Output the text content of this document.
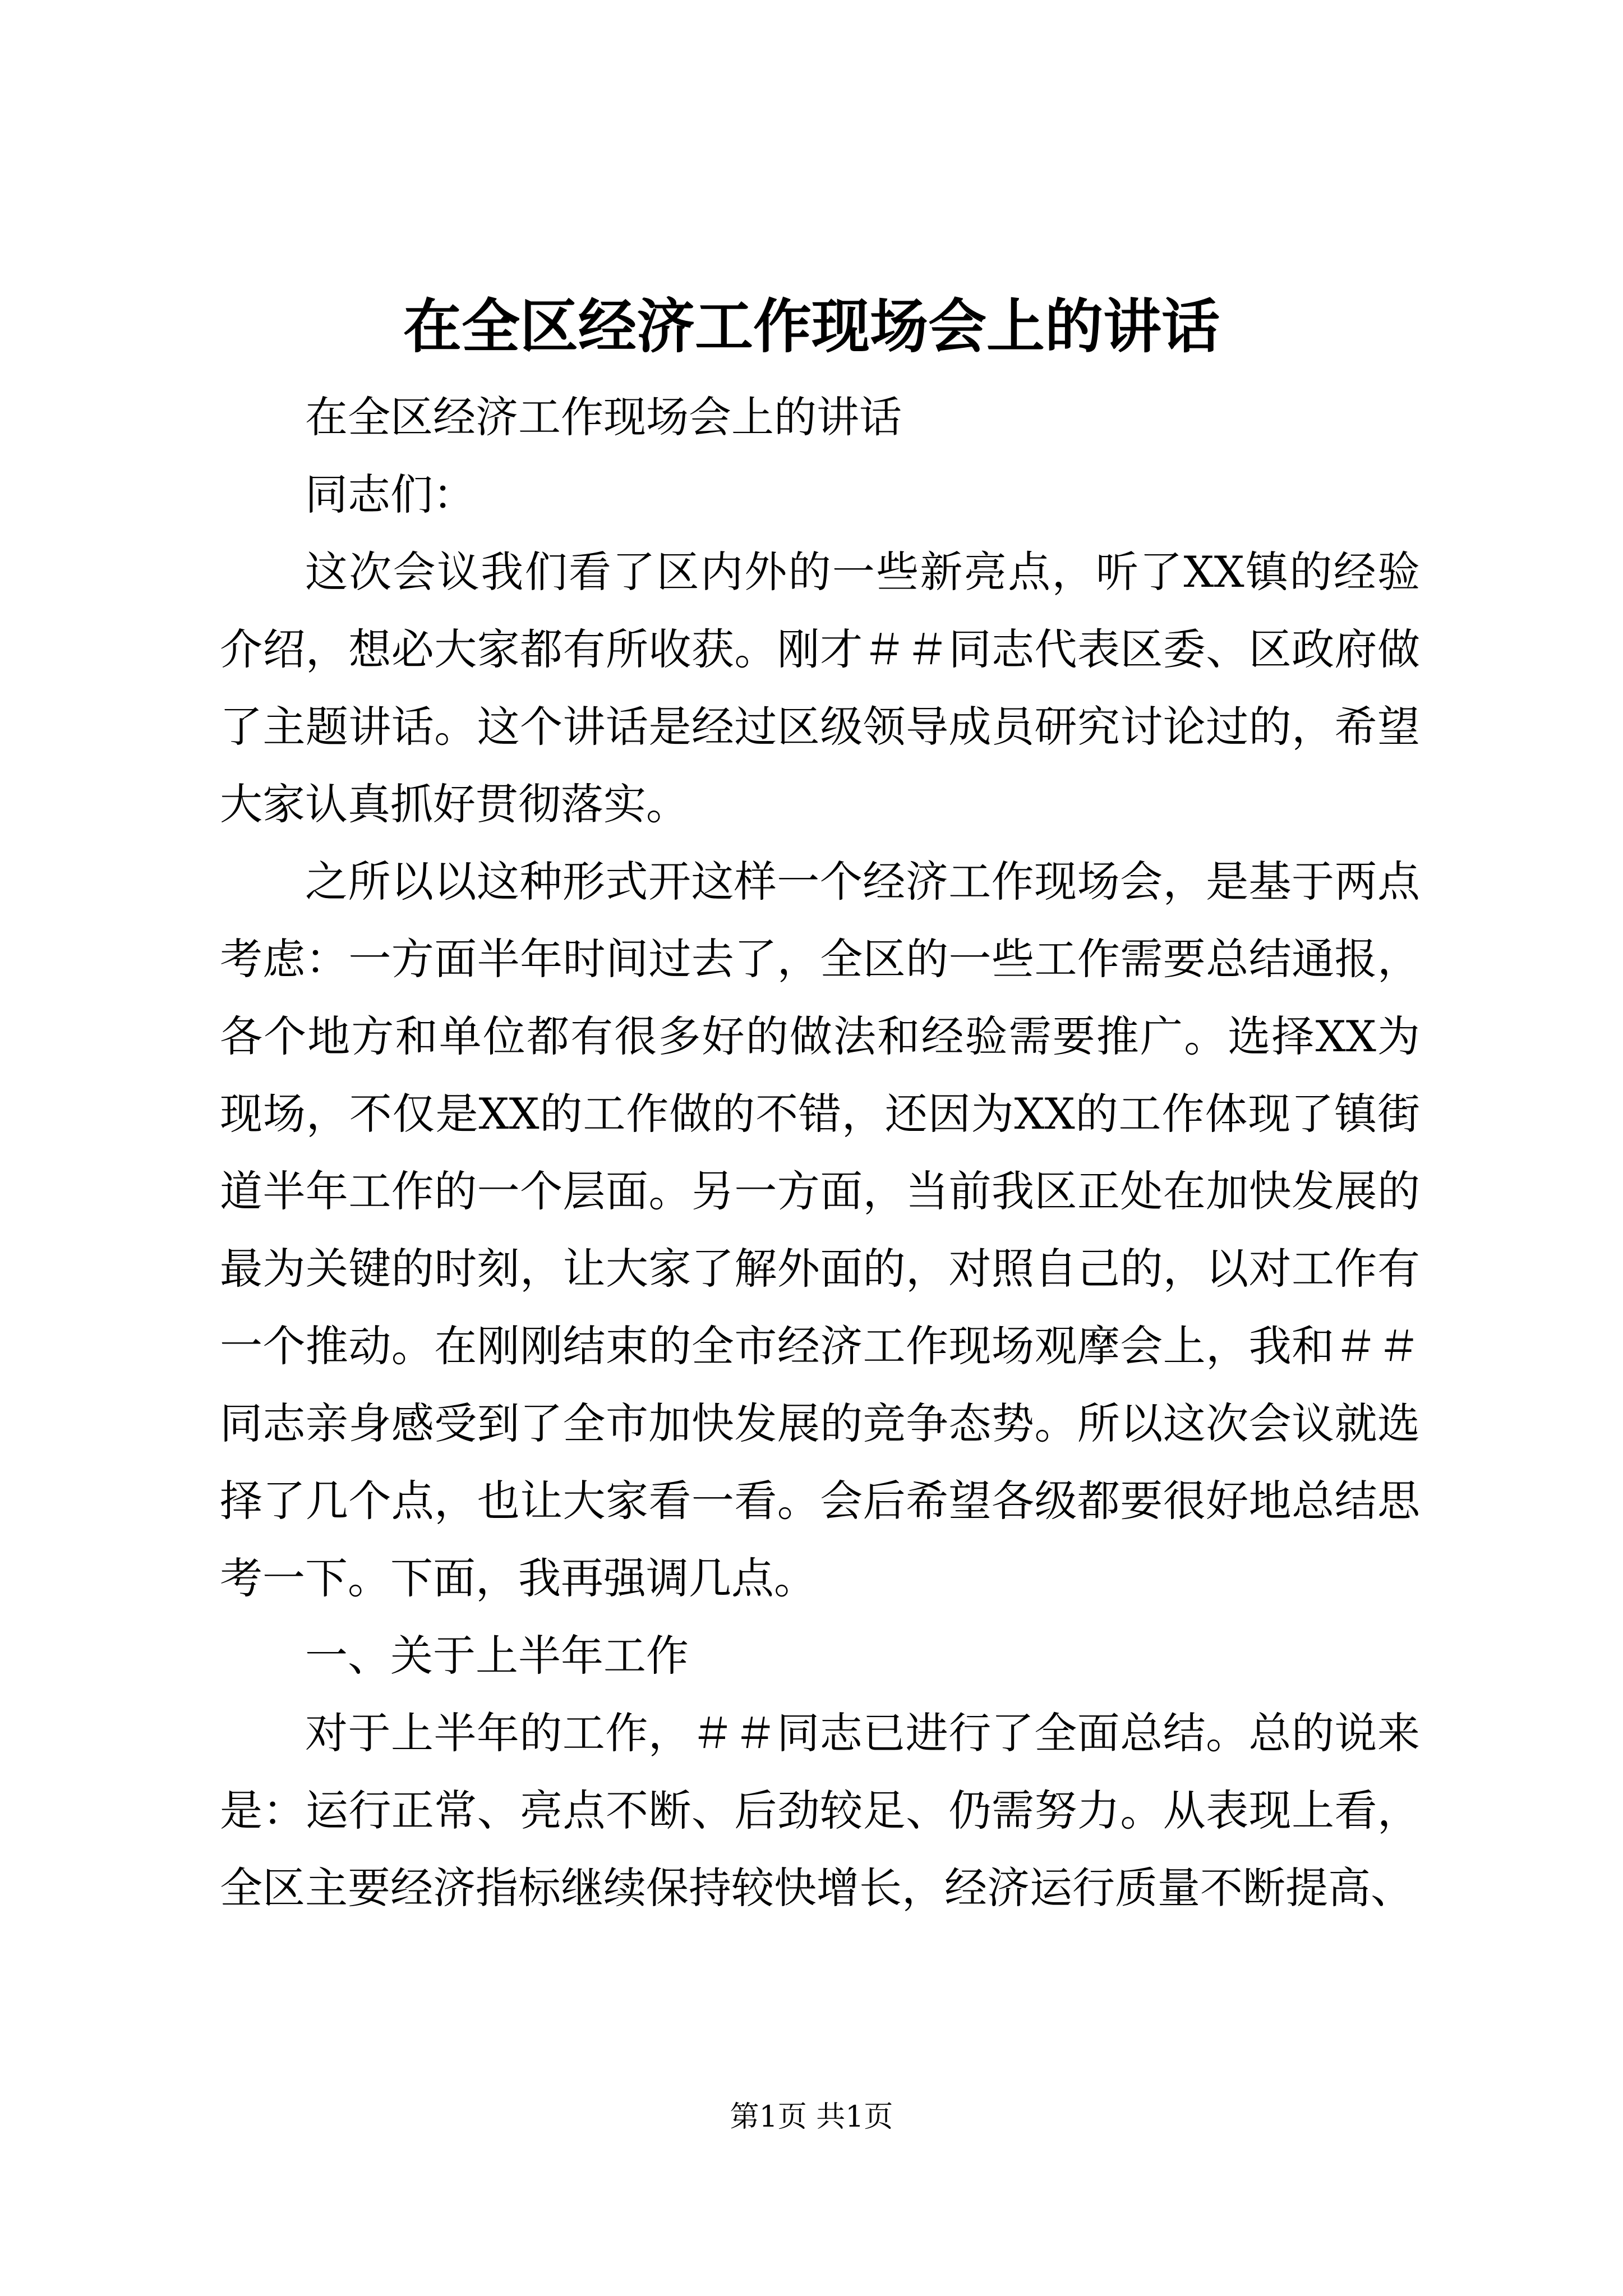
在全区经济工作现场会上的讲话

在全区经济工作现场会上的讲话

同志们：

这次会议我们看了区内外的一些新亮点，听了XX镇的经验介绍，想必大家都有所收获。刚才＃＃同志代表区委、区政府做了主题讲话。这个讲话是经过区级领导成员研究讨论过的，希望大家认真抓好贯彻落实。

之所以以这种形式开这样一个经济工作现场会，是基于两点考虑：一方面半年时间过去了，全区的一些工作需要总结通报，各个地方和单位都有很多好的做法和经验需要推广。选择XX为现场，不仅是XX的工作做的不错，还因为XX的工作体现了镇街道半年工作的一个层面。另一方面，当前我区正处在加快发展的最为关键的时刻，让大家了解外面的，对照自己的，以对工作有一个推动。在刚刚结束的全市经济工作现场观摩会上，我和＃＃同志亲身感受到了全市加快发展的竞争态势。所以这次会议就选择了几个点，也让大家看一看。会后希望各级都要很好地总结思考一下。下面，我再强调几点。

一、关于上半年工作

对于上半年的工作，＃＃同志已进行了全面总结。总的说来是：运行正常、亮点不断、后劲较足、仍需努力。从表现上看，全区主要经济指标继续保持较快增长，经济运行质量不断提高、

第1页 共1页
